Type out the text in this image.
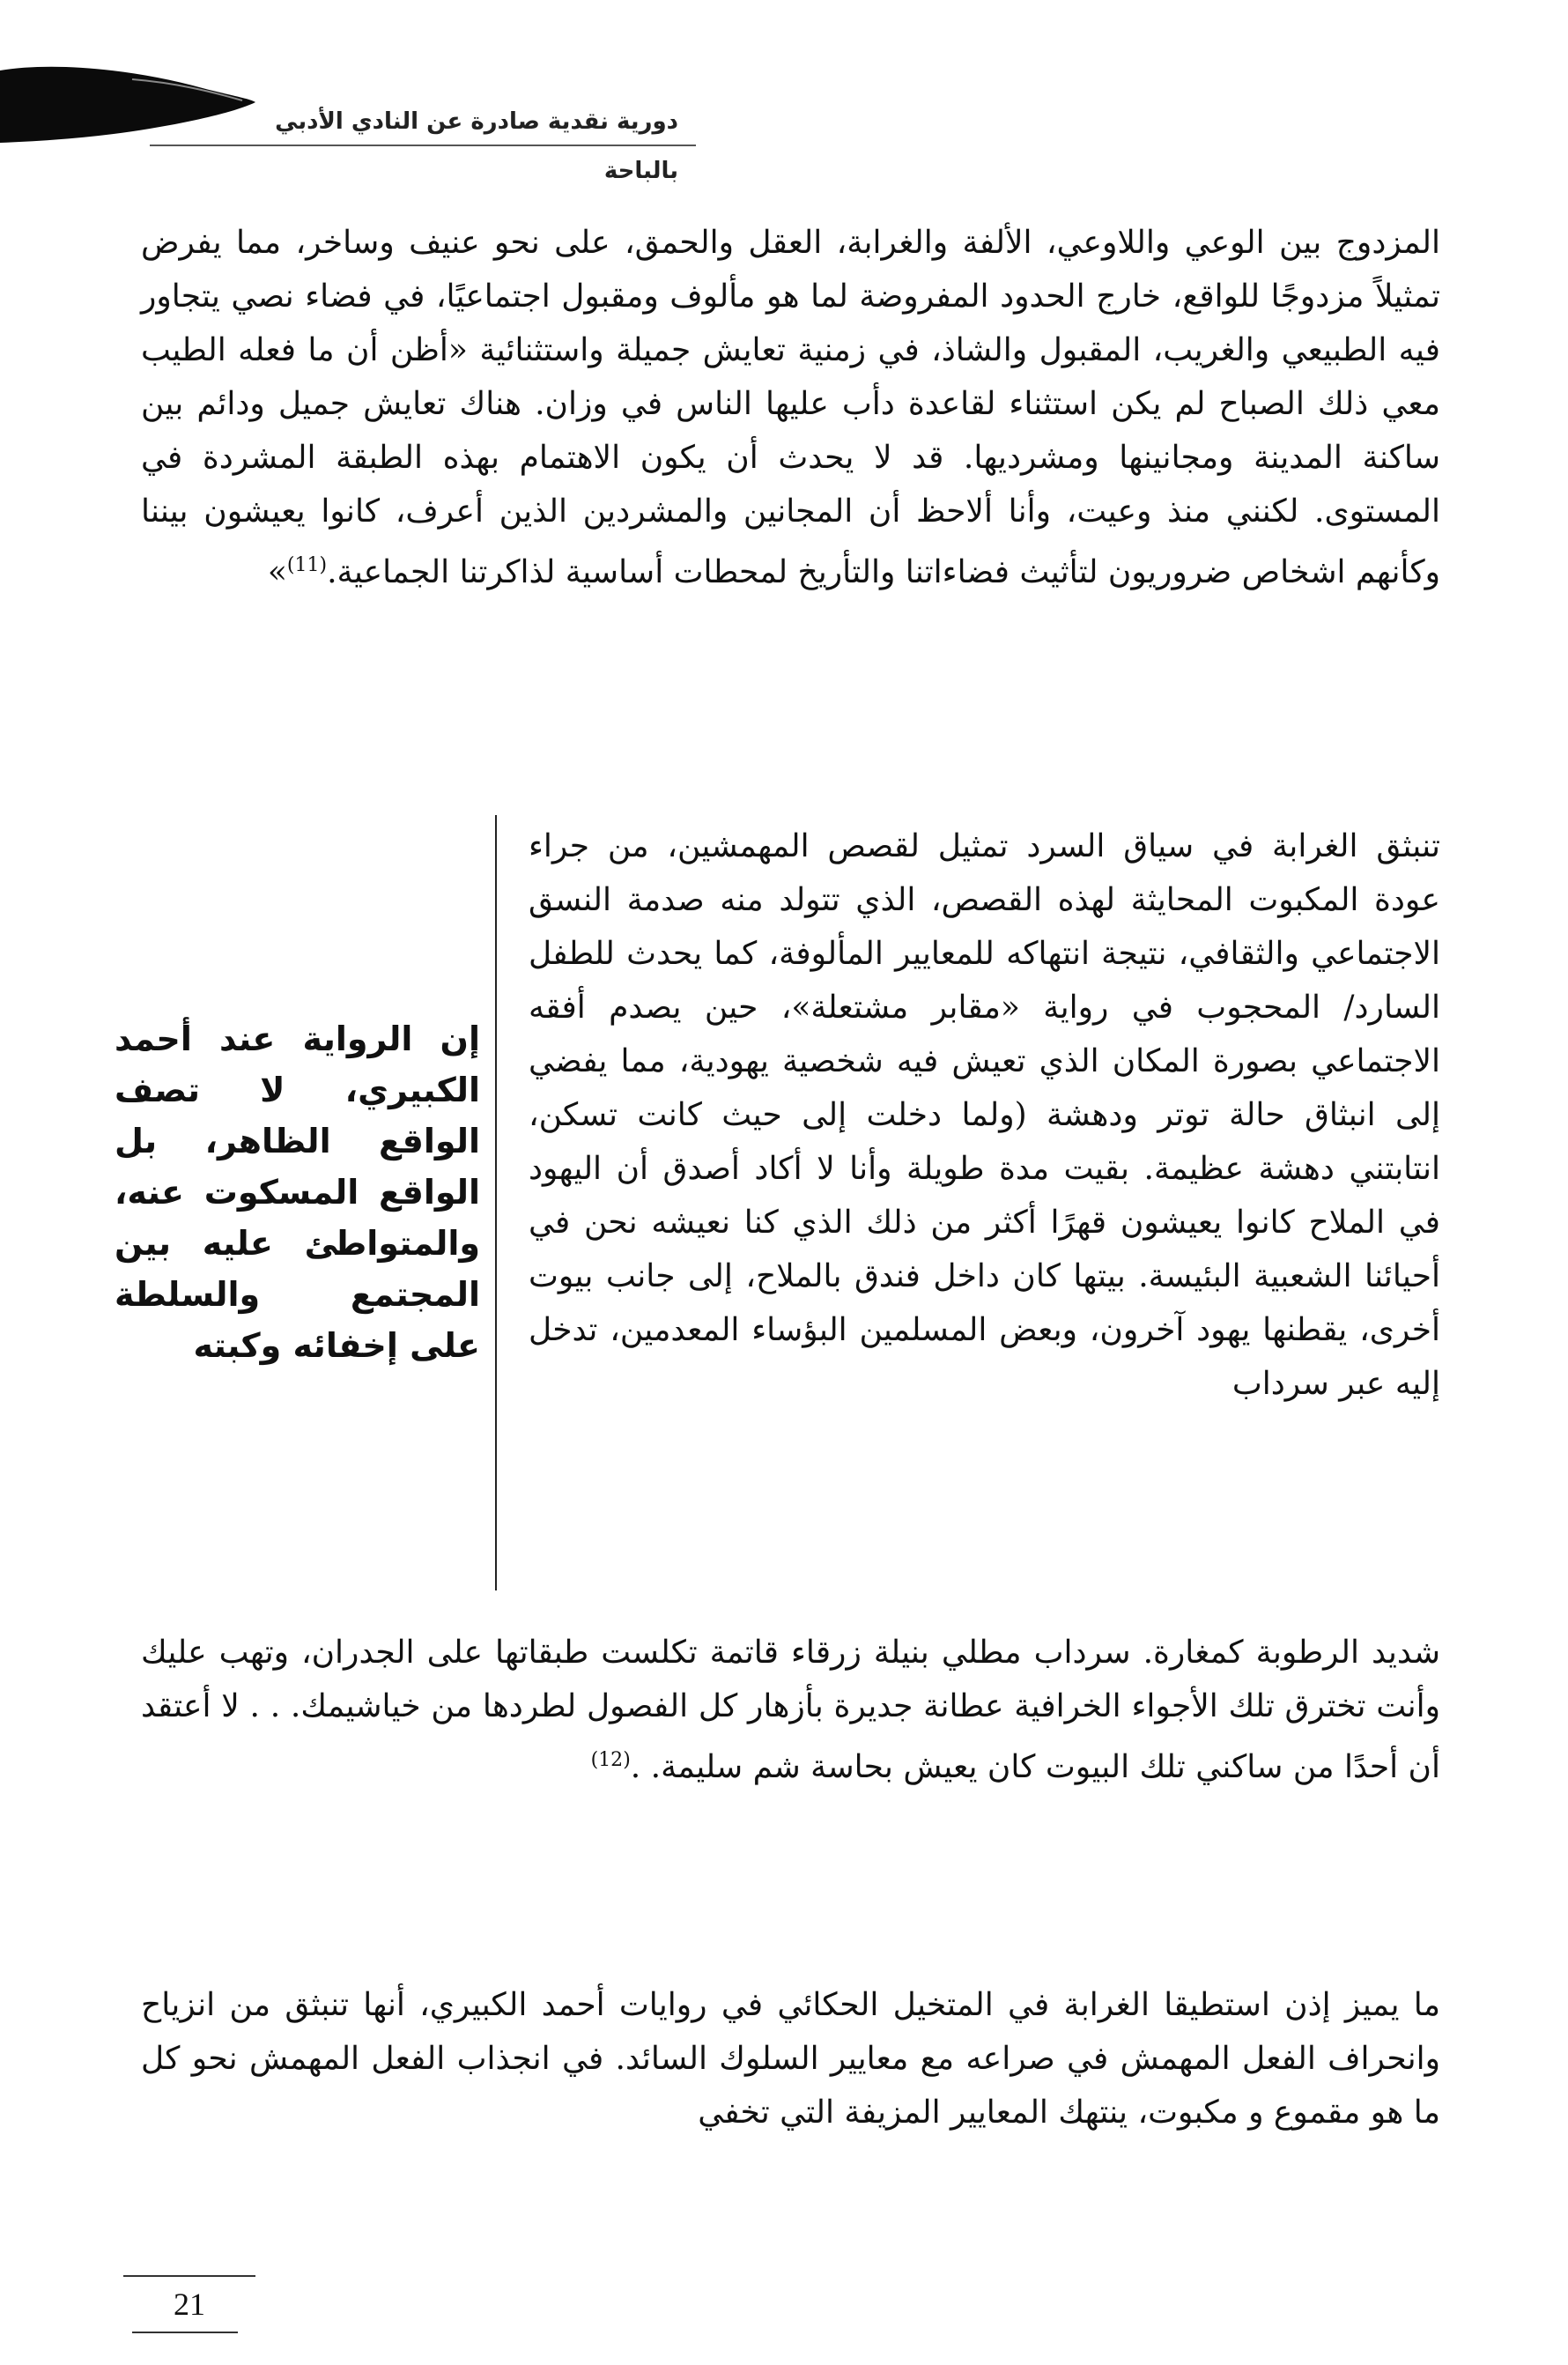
دورية نقدية صادرة عن النادي الأدبي بالباحة

المزدوج بين الوعي واللاوعي، الألفة والغرابة، العقل والحمق، على نحو عنيف وساخر، مما يفرض تمثيلاً مزدوجًا للواقع، خارج الحدود المفروضة لما هو مألوف ومقبول اجتماعيًا، في فضاء نصي يتجاور فيه الطبيعي والغريب، المقبول والشاذ، في زمنية تعايش جميلة واستثنائية «أظن أن ما فعله الطيب معي ذلك الصباح لم يكن استثناء لقاعدة دأب عليها الناس في وزان. هناك تعايش جميل ودائم بين ساكنة المدينة ومجانينها ومشرديها. قد لا يحدث أن يكون الاهتمام بهذه الطبقة المشردة في المستوى. لكنني منذ وعيت، وأنا ألاحظ أن المجانين والمشردين الذين أعرف، كانوا يعيشون بيننا وكأنهم اشخاص ضروريون لتأثيث فضاءاتنا والتأريخ لمحطات أساسية لذاكرتنا الجماعية.$^{(11)}$»

تنبثق الغرابة في سياق السرد تمثيل لقصص المهمشين، من جراء عودة المكبوت المحايثة لهذه القصص، الذي تتولد منه صدمة النسق الاجتماعي والثقافي، نتيجة انتهاكه للمعايير المألوفة، كما يحدث للطفل السارد/ المحجوب في رواية «مقابر مشتعلة»، حين يصدم أفقه الاجتماعي بصورة المكان الذي تعيش فيه شخصية يهودية، مما يفضي إلى انبثاق حالة توتر ودهشة (ولما دخلت إلى حيث كانت تسكن، انتابتني دهشة عظيمة. بقيت مدة طويلة وأنا لا أكاد أصدق أن اليهود في الملاح كانوا يعيشون قهرًا أكثر من ذلك الذي كنا نعيشه نحن في أحيائنا الشعبية البئيسة. بيتها كان داخل فندق بالملاح، إلى جانب بيوت أخرى، يقطنها يهود آخرون، وبعض المسلمين البؤساء المعدمين، تدخل إليه عبر سرداب

إن الرواية عند أحمد الكبيري، لا تصف الواقع الظاهر، بل الواقع المسكوت عنه، والمتواطئ عليه بين المجتمع والسلطة على إخفائه وكبته

شديد الرطوبة كمغارة. سرداب مطلي بنيلة زرقاء قاتمة تكلست طبقاتها على الجدران، وتهب عليك وأنت تخترق تلك الأجواء الخرافية عطانة جديرة بأزهار كل الفصول لطردها من خياشيمك. . . لا أعتقد أن أحدًا من ساكني تلك البيوت كان يعيش بحاسة شم سليمة. .$^{(12)}$

ما يميز إذن استطيقا الغرابة في المتخيل الحكائي في روايات أحمد الكبيري، أنها تنبثق من انزياح وانحراف الفعل المهمش في صراعه مع معايير السلوك السائد. في انجذاب الفعل المهمش نحو كل ما هو مقموع و مكبوت، ينتهك المعايير المزيفة التي تخفي

21
